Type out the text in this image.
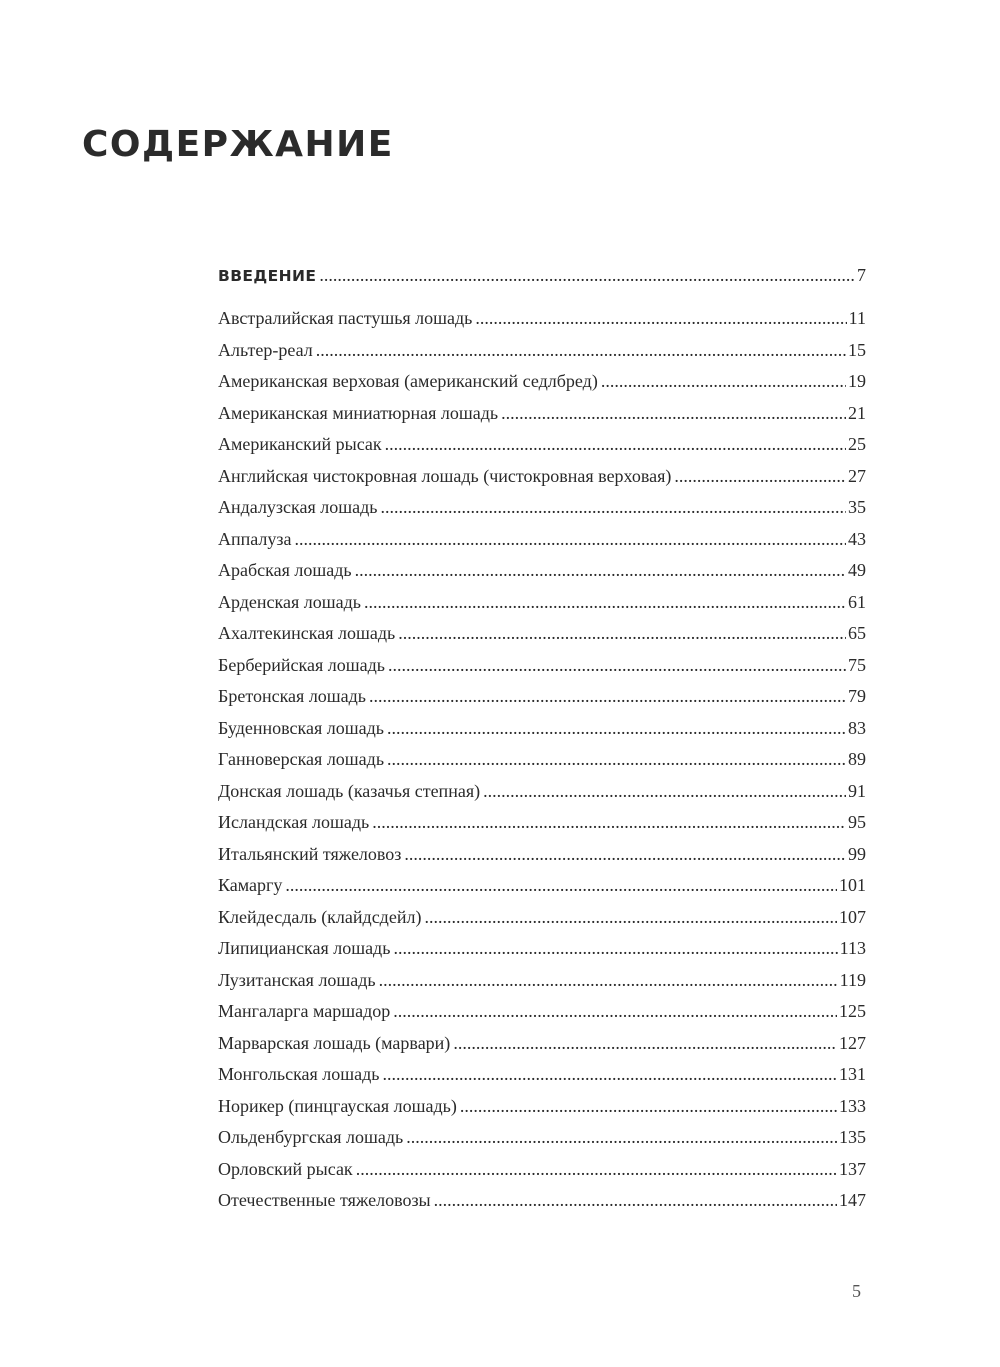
СОДЕРЖАНИЕ
ВВЕДЕНИЕ .....	7
Австралийская пастушья лошадь .....	11
Альтер-реал .....	15
Американская верховая (американский седлбред) .....	19
Американская миниатюрная лошадь .....	21
Американский рысак .....	25
Английская чистокровная лошадь (чистокровная верховая) .....	27
Андалузская лошадь .....	35
Аппалуза .....	43
Арабская лошадь .....	49
Арденская лошадь .....	61
Ахалтекинская лошадь .....	65
Берберийская лошадь .....	75
Бретонская лошадь .....	79
Буденновская лошадь .....	83
Ганноверская лошадь .....	89
Донская лошадь (казачья степная) .....	91
Исландская лошадь .....	95
Итальянский тяжеловоз .....	99
Камаргу .....	101
Клейдесдаль (клайдсдейл) .....	107
Липицианская лошадь .....	113
Лузитанская лошадь .....	119
Мангаларга маршадор .....	125
Марварская лошадь (марвари) .....	127
Монгольская лошадь .....	131
Норикер (пинцгауская лошадь) .....	133
Ольденбургская лошадь .....	135
Орловский рысак .....	137
Отечественные тяжеловозы .....	147
5
